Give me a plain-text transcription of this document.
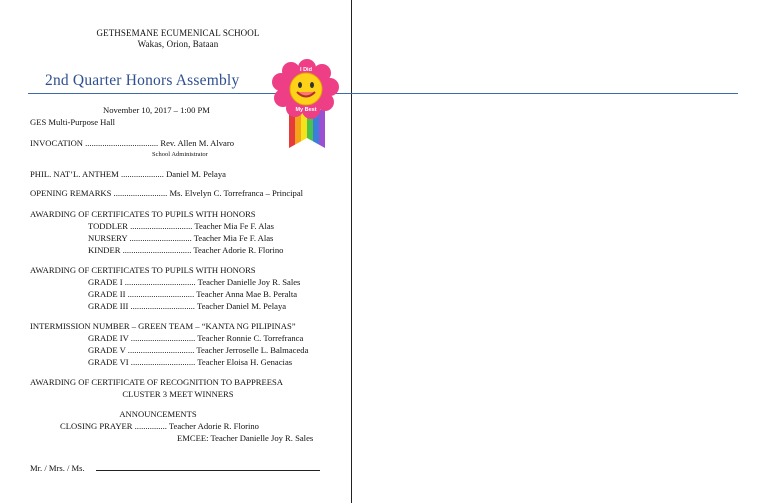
GETHSEMANE ECUMENICAL SCHOOL
Wakas, Orion, Bataan
2nd Quarter Honors Assembly
I Did
My Best
November 10, 2017 – 1:00 PM
GES Multi-Purpose Hall
INVOCATION .................................. Rev. Allen M. Alvaro
School Administrator
PHIL. NAT’L. ANTHEM .................... Daniel M. Pelaya
OPENING REMARKS ......................... Ms. Elvelyn C. Torrefranca – Principal
AWARDING OF CERTIFICATES TO PUPILS WITH HONORS
TODDLER ............................. Teacher Mia Fe F. Alas
NURSERY ............................. Teacher Mia Fe F. Alas
KINDER ................................ Teacher Adorie R. Florino
AWARDING OF CERTIFICATES TO PUPILS WITH HONORS
GRADE I ................................. Teacher Danielle Joy R. Sales
GRADE II ............................... Teacher Anna Mae B. Peralta
GRADE III .............................. Teacher Daniel M. Pelaya
INTERMISSION NUMBER – GREEN TEAM – “KANTA NG PILIPINAS”
GRADE IV .............................. Teacher Ronnie C. Torrefranca
GRADE V ............................... Teacher Jerroselle L. Balmaceda
GRADE VI .............................. Teacher Eloisa H. Genacias
AWARDING OF CERTIFICATE OF RECOGNITION TO BAPPREESA
CLUSTER 3 MEET WINNERS
ANNOUNCEMENTS
CLOSING PRAYER ............... Teacher Adorie R. Florino
EMCEE: Teacher Danielle Joy R. Sales
Mr. / Mrs. / Ms.
